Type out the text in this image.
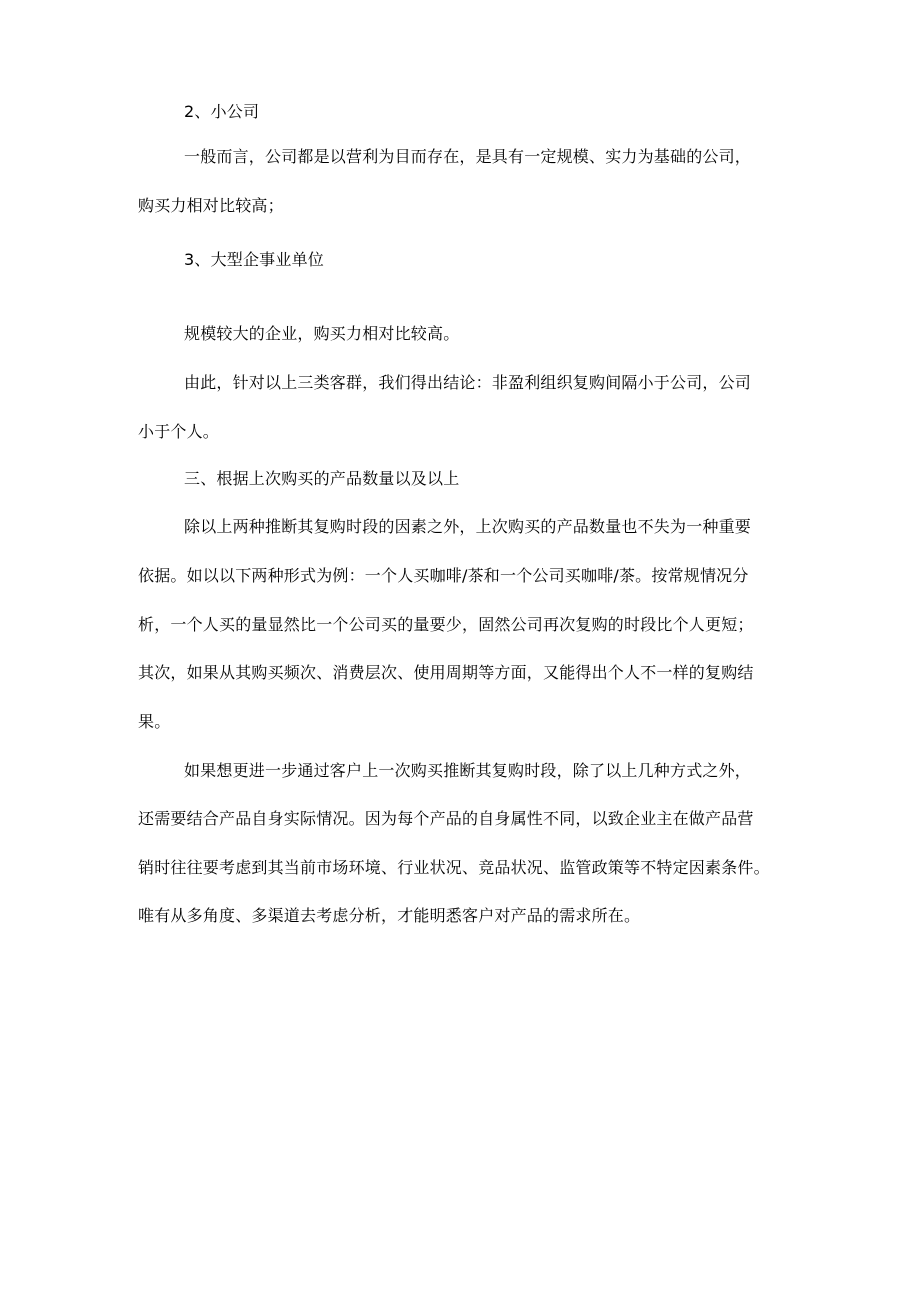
2、小公司
一般而言，公司都是以营利为目而存在，是具有一定规模、实力为基础的公司，
购买力相对比较高；
3、大型企事业单位
规模较大的企业，购买力相对比较高。
由此，针对以上三类客群，我们得出结论：非盈利组织复购间隔小于公司，公司
小于个人。
三、根据上次购买的产品数量以及以上
除以上两种推断其复购时段的因素之外，上次购买的产品数量也不失为一种重要
依据。如以以下两种形式为例：一个人买咖啡/茶和一个公司买咖啡/茶。按常规情况分
析，一个人买的量显然比一个公司买的量要少，固然公司再次复购的时段比个人更短；
其次，如果从其购买频次、消费层次、使用周期等方面，又能得出个人不一样的复购结
果。
如果想更进一步通过客户上一次购买推断其复购时段，除了以上几种方式之外，
还需要结合产品自身实际情况。因为每个产品的自身属性不同，以致企业主在做产品营
销时往往要考虑到其当前市场环境、行业状况、竞品状况、监管政策等不特定因素条件。
唯有从多角度、多渠道去考虑分析，才能明悉客户对产品的需求所在。
